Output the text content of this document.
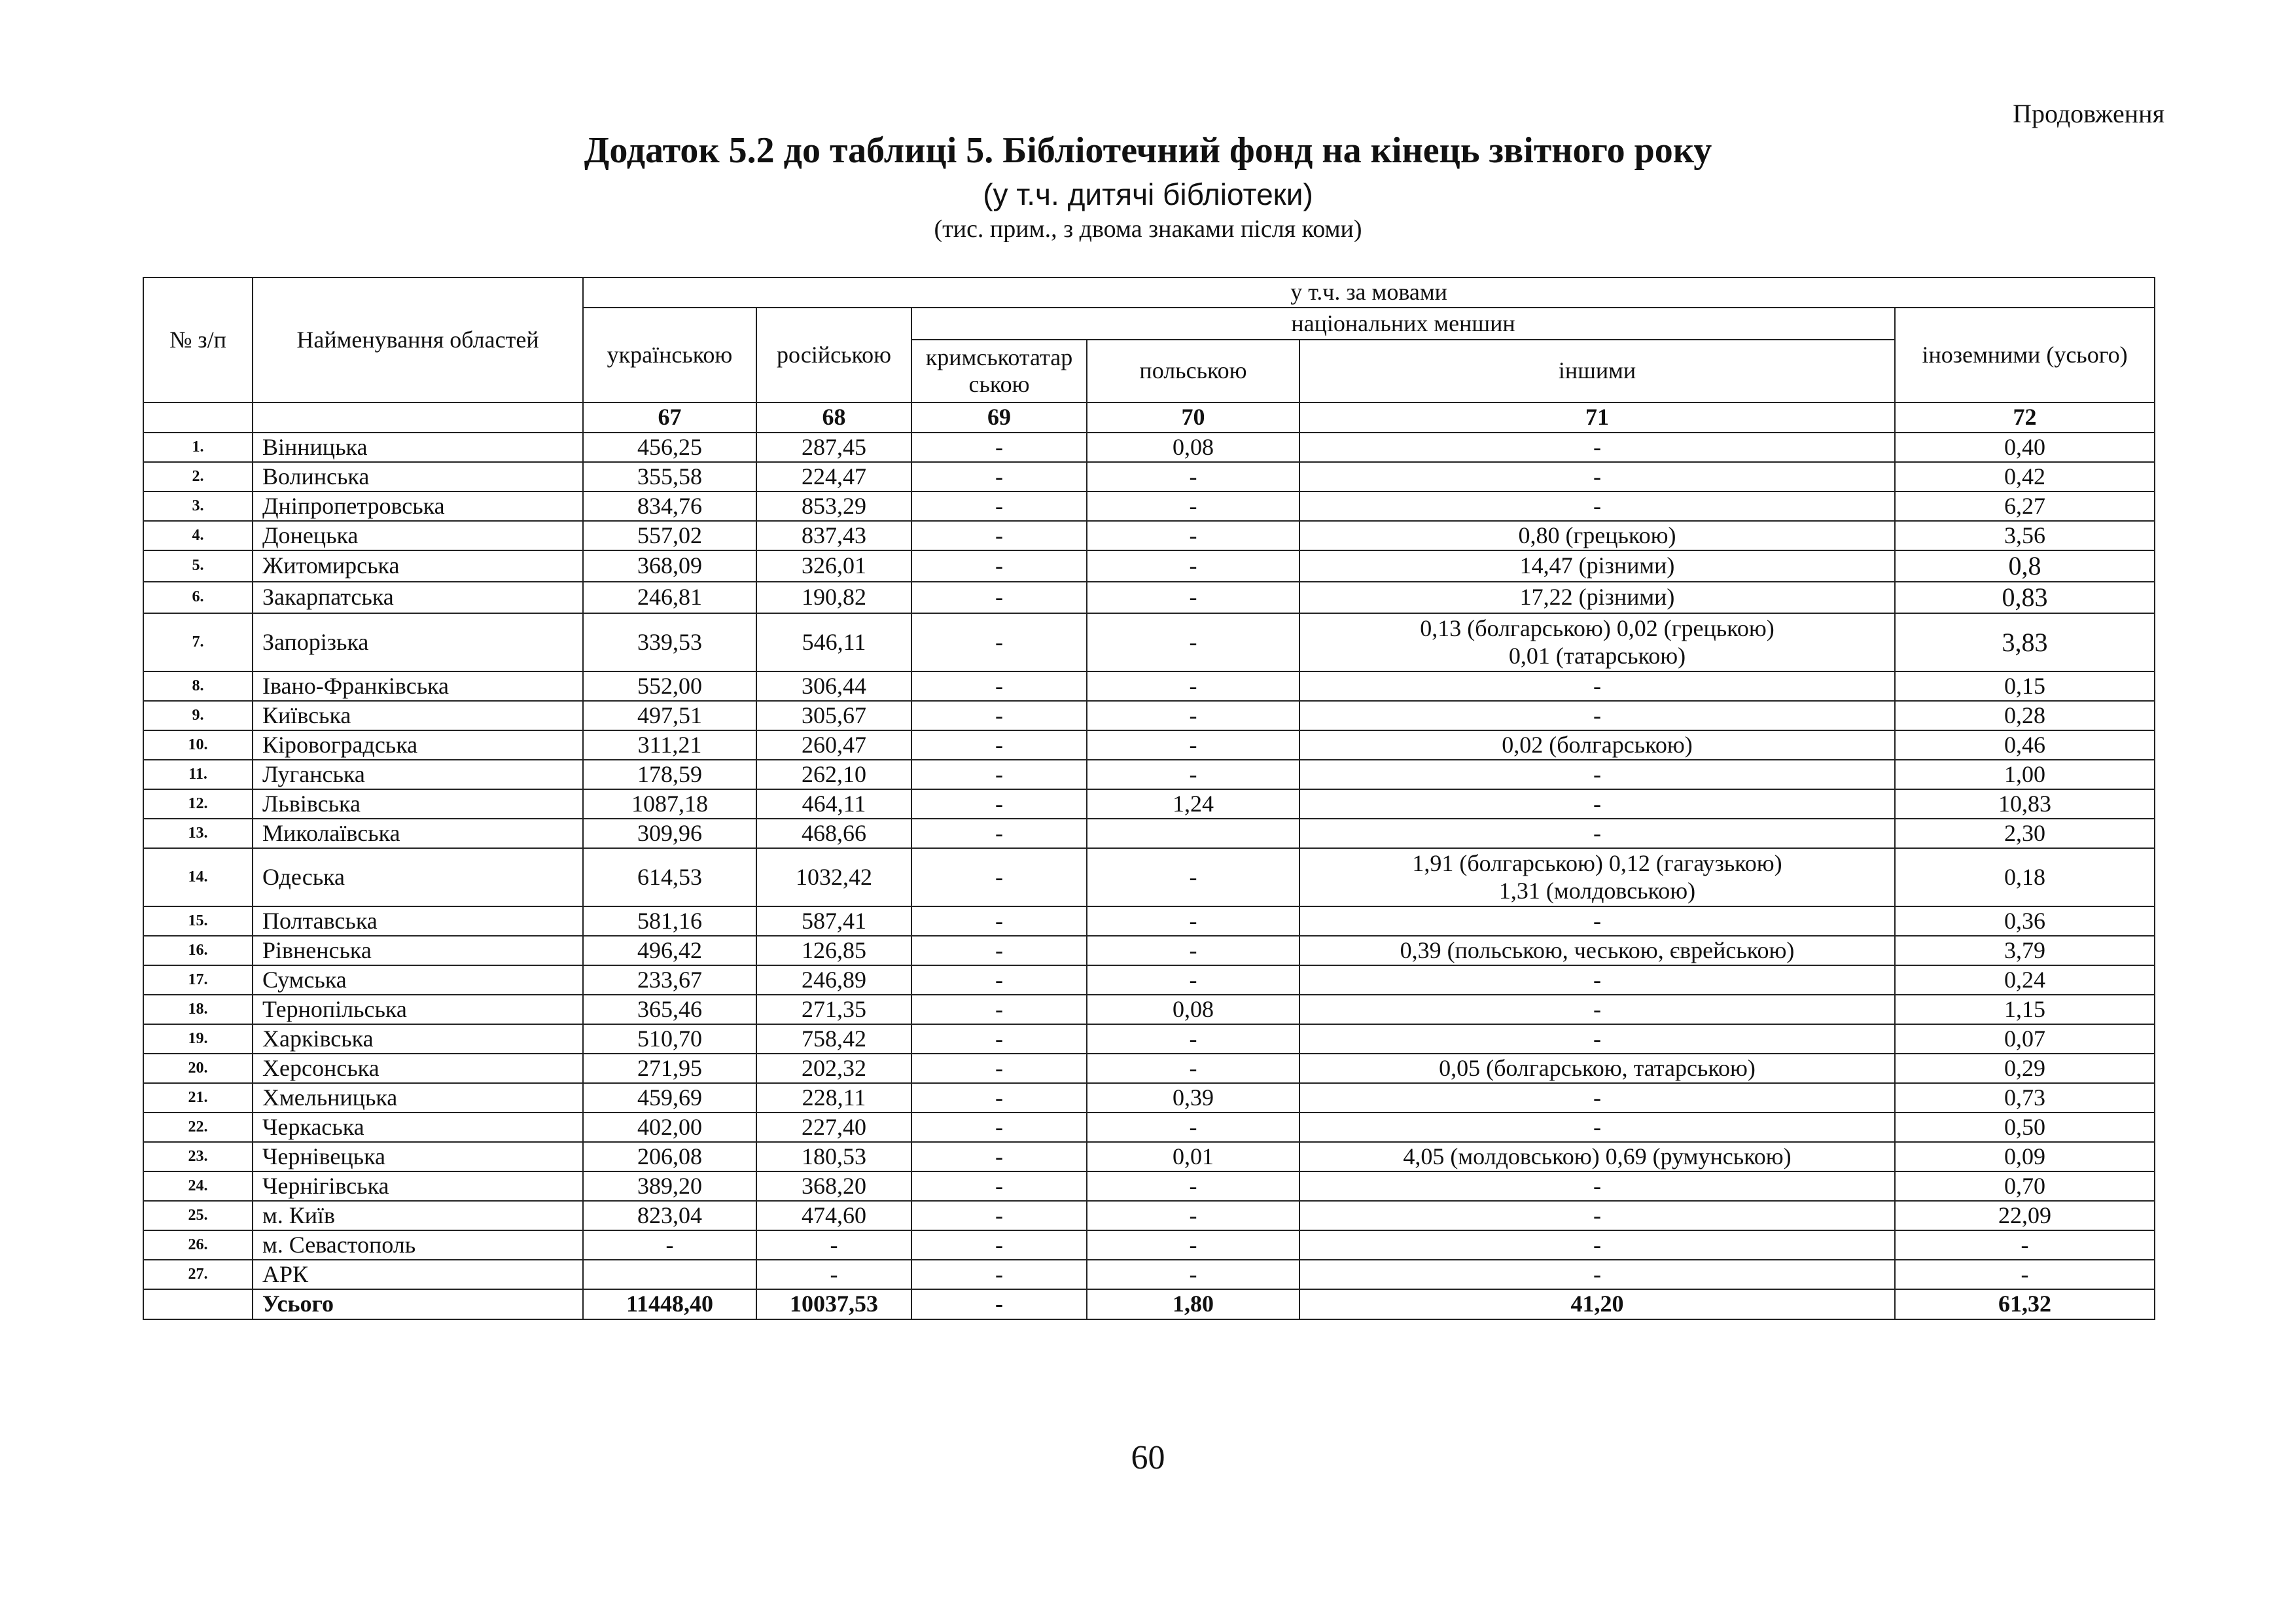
Продовження
Додаток 5.2 до таблиці 5. Бібліотечний фонд на кінець звітного року
(у т.ч. дитячі бібліотеки)
(тис. прим., з двома знаками після коми)
№ з/п	Найменування областей	у т.ч. за мовами					
		українською	російською	національних меншин			іноземними (усього)
				кримськотатар ською	польською	іншими	
		67	68	69	70	71	72
1.	Вінницька	456,25	287,45	-	0,08	-	0,40
2.	Волинська	355,58	224,47	-	-	-	0,42
3.	Дніпропетровська	834,76	853,29	-	-	-	6,27
4.	Донецька	557,02	837,43	-	-	0,80 (грецькою)	3,56
5.	Житомирська	368,09	326,01	-	-	14,47 (різними)	0,8
6.	Закарпатська	246,81	190,82	-	-	17,22 (різними)	0,83
7.	Запорізька	339,53	546,11	-	-	0,13 (болгарською) 0,02 (грецькою)
0,01 (татарською)	3,83
8.	Івано-Франківська	552,00	306,44	-	-	-	0,15
9.	Київська	497,51	305,67	-	-	-	0,28
10.	Кіровоградська	311,21	260,47	-	-	0,02 (болгарською)	0,46
11.	Луганська	178,59	262,10	-	-	-	1,00
12.	Львівська	1087,18	464,11	-	1,24	-	10,83
13.	Миколаївська	309,96	468,66	-		-	2,30
14.	Одеська	614,53	1032,42	-	-	1,91 (болгарською) 0,12 (гагаузькою)
1,31 (молдовською)	0,18
15.	Полтавська	581,16	587,41	-	-	-	0,36
16.	Рівненська	496,42	126,85	-	-	0,39 (польською, чеською, єврейською)	3,79
17.	Сумська	233,67	246,89	-	-	-	0,24
18.	Тернопільська	365,46	271,35	-	0,08	-	1,15
19.	Харківська	510,70	758,42	-	-	-	0,07
20.	Херсонська	271,95	202,32	-	-	0,05 (болгарською, татарською)	0,29
21.	Хмельницька	459,69	228,11	-	0,39	-	0,73
22.	Черкаська	402,00	227,40	-	-	-	0,50
23.	Чернівецька	206,08	180,53	-	0,01	4,05 (молдовською) 0,69 (румунською)	0,09
24.	Чернігівська	389,20	368,20	-	-	-	0,70
25.	м. Київ	823,04	474,60	-	-	-	22,09
26.	м. Севастополь	-	-	-	-	-	-
27.	АРК		-	-	-	-	-
	Усього	11448,40	10037,53	-	1,80	41,20	61,32
60
